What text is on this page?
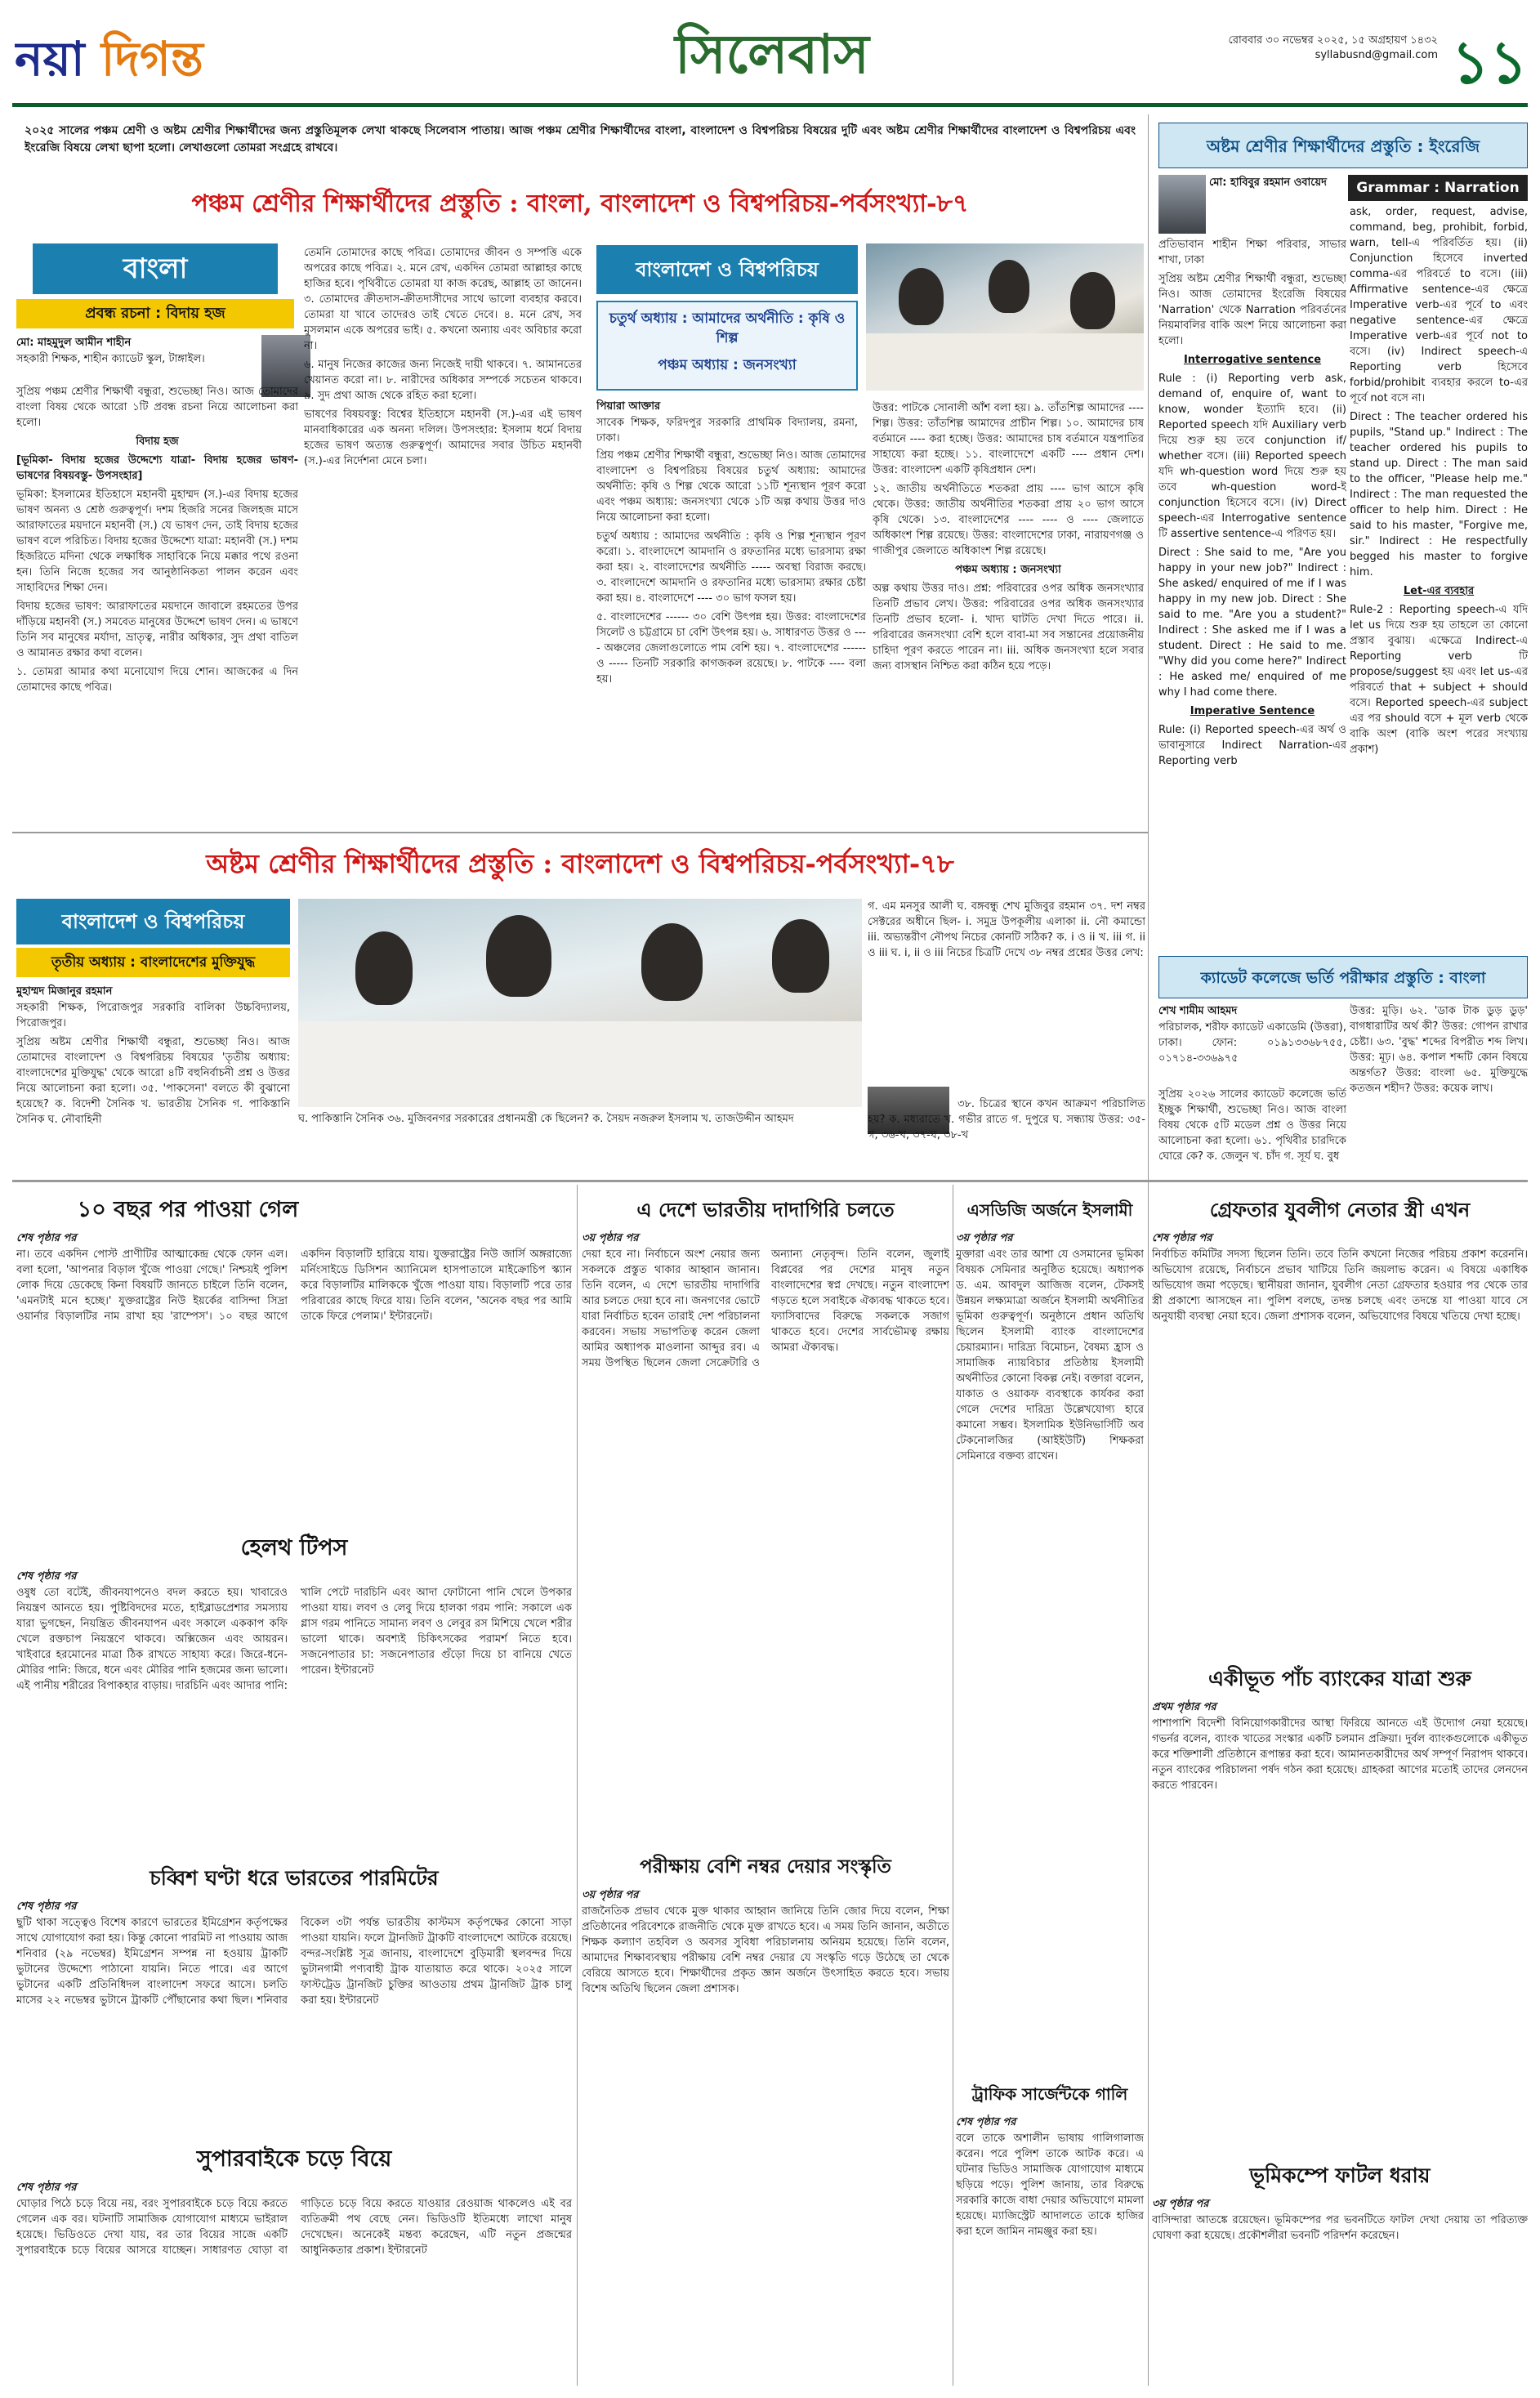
নয়া দিগন্ত	সিলেবাস	রোববার ৩০ নভেম্বর ২০২৫, ১৫ অগ্রহায়ণ ১৪৩২
syllabusnd@gmail.com ১১
২০২৫ সালের পঞ্চম শ্রেণী ও অষ্টম শ্রেণীর শিক্ষার্থীদের জন্য প্রস্তুতিমূলক লেখা থাকছে সিলেবাস পাতায়। আজ পঞ্চম শ্রেণীর শিক্ষার্থীদের বাংলা, বাংলাদেশ ও বিশ্বপরিচয় বিষয়ের দুটি এবং অষ্টম শ্রেণীর শিক্ষার্থীদের বাংলাদেশ ও বিশ্বপরিচয় এবং ইংরেজি বিষয়ে লেখা ছাপা হলো। লেখাগুলো তোমরা সংগ্রহে রাখবে।
পঞ্চম শ্রেণীর শিক্ষার্থীদের প্রস্তুতি : বাংলা, বাংলাদেশ ও বিশ্বপরিচয়-পর্বসংখ্যা-৮৭
বাংলা
প্রবন্ধ রচনা : বিদায় হজ
মো: মাহমুদুল আমীন শাহীন
সহকারী শিক্ষক, শাহীন ক্যাডেট স্কুল, টাঙ্গাইল।

সুপ্রিয় পঞ্চম শ্রেণীর শিক্ষার্থী বন্ধুরা, শুভেচ্ছা নিও। আজ তোমাদের বাংলা বিষয় থেকে আরো ১টি প্রবন্ধ রচনা নিয়ে আলোচনা করা হলো।

বিদায় হজ

[ভূমিকা- বিদায় হজের উদ্দেশ্যে যাত্রা- বিদায় হজের ভাষণ- ভাষণের বিষয়বস্তু- উপসংহার]

ভূমিকা: ইসলামের ইতিহাসে মহানবী মুহাম্মদ (স.)-এর বিদায় হজের ভাষণ অনন্য ও শ্রেষ্ঠ গুরুত্বপূর্ণ। দশম হিজরি সনের জিলহজ মাসে আরাফাতের ময়দানে মহানবী (স.) যে ভাষণ দেন, তাই বিদায় হজের ভাষণ বলে পরিচিত। বিদায় হজের উদ্দেশ্যে যাত্রা: মহানবী (স.) দশম হিজরিতে মদিনা থেকে লক্ষাধিক সাহাবিকে নিয়ে মক্কার পথে রওনা হন। তিনি নিজে হজের সব আনুষ্ঠানিকতা পালন করেন এবং সাহাবিদের শিক্ষা দেন।

বিদায় হজের ভাষণ: আরাফাতের ময়দানে জাবালে রহমতের উপর দাঁড়িয়ে মহানবী (স.) সমবেত মানুষের উদ্দেশে ভাষণ দেন। এ ভাষণে তিনি সব মানুষের মর্যাদা, ভ্রাতৃত্ব, নারীর অধিকার, সুদ প্রথা বাতিল ও আমানত রক্ষার কথা বলেন।

১. তোমরা আমার কথা মনোযোগ দিয়ে শোন। আজকের এ দিন তোমাদের কাছে পবিত্র।

তেমনি তোমাদের কাছে পবিত্র। তোমাদের জীবন ও সম্পত্তি একে অপরের কাছে পবিত্র। ২. মনে রেখ, একদিন তোমরা আল্লাহর কাছে হাজির হবে। পৃথিবীতে তোমরা যা কাজ করেছ, আল্লাহ তা জানেন। ৩. তোমাদের ক্রীতদাস-ক্রীতদাসীদের সাথে ভালো ব্যবহার করবে। তোমরা যা খাবে তাদেরও তাই খেতে দেবে। ৪. মনে রেখ, সব মুসলমান একে অপরের ভাই। ৫. কখনো অন্যায় এবং অবিচার করো না।

৬. মানুষ নিজের কাজের জন্য নিজেই দায়ী থাকবে। ৭. আমানতের খেয়ানত করো না। ৮. নারীদের অধিকার সম্পর্কে সচেতন থাকবে। ৯. সুদ প্রথা আজ থেকে রহিত করা হলো।

ভাষণের বিষয়বস্তু: বিশ্বের ইতিহাসে মহানবী (স.)-এর এই ভাষণ মানবাধিকারের এক অনন্য দলিল। উপসংহার: ইসলাম ধর্মে বিদায় হজের ভাষণ অত্যন্ত গুরুত্বপূর্ণ। আমাদের সবার উচিত মহানবী (স.)-এর নির্দেশনা মেনে চলা।

বাংলাদেশ ও বিশ্বপরিচয়
চতুর্থ অধ্যায় : আমাদের অর্থনীতি : কৃষি ও শিল্প
পঞ্চম অধ্যায় : জনসংখ্যা
পিয়ারা আক্তার
সাবেক শিক্ষক, ফরিদপুর সরকারি প্রাথমিক বিদ্যালয়, রমনা, ঢাকা।

প্রিয় পঞ্চম শ্রেণীর শিক্ষার্থী বন্ধুরা, শুভেচ্ছা নিও। আজ তোমাদের বাংলাদেশ ও বিশ্বপরিচয় বিষয়ের চতুর্থ অধ্যায়: আমাদের অর্থনীতি: কৃষি ও শিল্প থেকে আরো ১১টি শূন্যস্থান পূরণ করো এবং পঞ্চম অধ্যায়: জনসংখ্যা থেকে ১টি অল্প কথায় উত্তর দাও নিয়ে আলোচনা করা হলো।

চতুর্থ অধ্যায় : আমাদের অর্থনীতি : কৃষি ও শিল্প শূন্যস্থান পূরণ করো। ১. বাংলাদেশে আমদানি ও রফতানির মধ্যে ভারসাম্য রক্ষা করা হয়। ২. বাংলাদেশের অর্থনীতি ----- অবস্থা বিরাজ করছে। ৩. বাংলাদেশে আমদানি ও রফতানির মধ্যে ভারসাম্য রক্ষার চেষ্টা করা হয়। ৪. বাংলাদেশে ---- ৩০ ভাগ ফসল হয়।

৫. বাংলাদেশের ------ ৩০ বেশি উৎপন্ন হয়। উত্তর: বাংলাদেশের সিলেট ও চট্টগ্রামে চা বেশি উৎপন্ন হয়। ৬. সাধারণত উত্তর ও ---- অঞ্চলের জেলাগুলোতে পাম বেশি হয়। ৭. বাংলাদেশের ------ ও ----- তিনটি সরকারি কাগজকল রয়েছে। ৮. পাটকে ---- বলা হয়।

উত্তর: পাটকে সোনালী আঁশ বলা হয়। ৯. তাঁতশিল্প আমাদের ---- শিল্প। উত্তর: তাঁতশিল্প আমাদের প্রাচীন শিল্প। ১০. আমাদের চাষ বর্তমানে ---- করা হচ্ছে। উত্তর: আমাদের চাষ বর্তমানে যন্ত্রপাতির সাহায্যে করা হচ্ছে। ১১. বাংলাদেশে একটি ---- প্রধান দেশ। উত্তর: বাংলাদেশ একটি কৃষিপ্রধান দেশ।

১২. জাতীয় অর্থনীতিতে শতকরা প্রায় ---- ভাগ আসে কৃষি থেকে। উত্তর: জাতীয় অর্থনীতির শতকরা প্রায় ২০ ভাগ আসে কৃষি থেকে। ১৩. বাংলাদেশের ---- ---- ও ---- জেলাতে অধিকাংশ শিল্প রয়েছে। উত্তর: বাংলাদেশের ঢাকা, নারায়ণগঞ্জ ও গাজীপুর জেলাতে অধিকাংশ শিল্প রয়েছে।

পঞ্চম অধ্যায় : জনসংখ্যা

অল্প কথায় উত্তর দাও। প্রশ্ন: পরিবারের ওপর অধিক জনসংখ্যার তিনটি প্রভাব লেখ। উত্তর: পরিবারের ওপর অধিক জনসংখ্যার তিনটি প্রভাব হলো- i. খাদ্য ঘাটতি দেখা দিতে পারে। ii. পরিবারের জনসংখ্যা বেশি হলে বাবা-মা সব সন্তানের প্রয়োজনীয় চাহিদা পূরণ করতে পারেন না। iii. অধিক জনসংখ্যা হলে সবার জন্য বাসস্থান নিশ্চিত করা কঠিন হয়ে পড়ে।

অষ্টম শ্রেণীর শিক্ষার্থীদের প্রস্তুতি : ইংরেজি
মো: হাবিবুর রহমান ওবায়েদ
প্রতিভাবান শাহীন শিক্ষা পরিবার, সাভার শাখা, ঢাকা
Grammar : Narration

সুপ্রিয় অষ্টম শ্রেণীর শিক্ষার্থী বন্ধুরা, শুভেচ্ছা নিও। আজ তোমাদের ইংরেজি বিষয়ের 'Narration' থেকে Narration পরিবর্তনের নিয়মাবলির বাকি অংশ নিয়ে আলোচনা করা হলো।

Interrogative sentence

Rule : (i) Reporting verb ask, demand of, enquire of, want to know, wonder ইত্যাদি হবে। (ii) Reported speech যদি Auxiliary verb দিয়ে শুরু হয় তবে conjunction if/ whether বসে। (iii) Reported speech যদি wh-question word দিয়ে শুরু হয় তবে wh-question word-ই conjunction হিসেবে বসে। (iv) Direct speech-এর Interrogative sentence টি assertive sentence-এ পরিণত হয়।

Direct : She said to me, "Are you happy in your new job?" Indirect : She asked/ enquired of me if I was happy in my new job. Direct : She said to me. "Are you a student?" Indirect : She asked me if I was a student. Direct : He said to me. "Why did you come here?" Indirect : He asked me/ enquired of me why I had come there.

Imperative Sentence

Rule: (i) Reported speech-এর অর্থ ও ভাবানুসারে Indirect Narration-এর Reporting verb

ask, order, request, advise, command, beg, prohibit, forbid, warn, tell-এ পরিবর্তিত হয়। (ii) Conjunction হিসেবে inverted comma-এর পরিবর্তে to বসে। (iii) Affirmative sentence-এর ক্ষেত্রে Imperative verb-এর পূর্বে to এবং negative sentence-এর ক্ষেত্রে Imperative verb-এর পূর্বে not to বসে। (iv) Indirect speech-এ Reporting verb হিসেবে forbid/prohibit ব্যবহার করলে to-এর পূর্বে not বসে না।

Direct : The teacher ordered his pupils, "Stand up." Indirect : The teacher ordered his pupils to stand up. Direct : The man said to the officer, "Please help me." Indirect : The man requested the officer to help him. Direct : He said to his master, "Forgive me, sir." Indirect : He respectfully begged his master to forgive him.

Let-এর ব্যবহার

Rule-2 : Reporting speech-এ যদি let us দিয়ে শুরু হয় তাহলে তা কোনো প্রস্তাব বুঝায়। এক্ষেত্রে Indirect-এ Reporting verb টি propose/suggest হয় এবং let us-এর পরিবর্তে that + subject + should বসে। Reported speech-এর subject এর পর should বসে + মূল verb থেকে বাকি অংশ (বাকি অংশ পরের সংখ্যায় প্রকাশ)

অষ্টম শ্রেণীর শিক্ষার্থীদের প্রস্তুতি : বাংলাদেশ ও বিশ্বপরিচয়-পর্বসংখ্যা-৭৮
বাংলাদেশ ও বিশ্বপরিচয়
তৃতীয় অধ্যায় : বাংলাদেশের মুক্তিযুদ্ধ
মুহাম্মদ মিজানুর রহমান
সহকারী শিক্ষক, পিরোজপুর সরকারি বালিকা উচ্চবিদ্যালয়, পিরোজপুর।
সুপ্রিয় অষ্টম শ্রেণীর শিক্ষার্থী বন্ধুরা, শুভেচ্ছা নিও। আজ তোমাদের বাংলাদেশ ও বিশ্বপরিচয় বিষয়ের 'তৃতীয় অধ্যায়: বাংলাদেশের মুক্তিযুদ্ধ' থেকে আরো ৪টি বহুনির্বাচনী প্রশ্ন ও উত্তর নিয়ে আলোচনা করা হলো। ৩৫. 'পাকসেনা' বলতে কী বুঝানো হয়েছে? ক. বিদেশী সৈনিক খ. ভারতীয় সৈনিক গ. পাকিস্তানি সৈনিক ঘ. নৌবাহিনী	ঘ. পাকিস্তানি সৈনিক ৩৬. মুজিবনগর সরকারের প্রধানমন্ত্রী কে ছিলেন? ক. সৈয়দ নজরুল ইসলাম খ. তাজউদ্দীন আহমদ
গ. এম মনসুর আলী ঘ. বঙ্গবন্ধু শেখ মুজিবুর রহমান ৩৭. দশ নম্বর সেক্টরের অধীনে ছিল- i. সমুদ্র উপকূলীয় এলাকা ii. নৌ কমান্ডো iii. অভ্যন্তরীণ নৌপথ নিচের কোনটি সঠিক? ক. i ও ii খ. iii গ. ii ও iii ঘ. i, ii ও iii নিচের চিত্রটি দেখে ৩৮ নম্বর প্রশ্নের উত্তর লেখ:
৩৮. চিত্রের স্থানে কখন আক্রমণ পরিচালিত হয়? ক. মধ্যরাতে খ. গভীর রাতে গ. দুপুরে ঘ. সন্ধ্যায় উত্তর: ৩৫-গ, ৩৬-খ, ৩৭-ঘ, ৩৮-খ
ক্যাডেট কলেজে ভর্তি পরীক্ষার প্রস্তুতি : বাংলা
শেখ শামীম আহমদ
পরিচালক, শরীফ ক্যাডেট একাডেমি (উত্তরা), ঢাকা। ফোন: ০১৯১৩৩৬৮৭৫৫, ০১৭১৪-৩৩৬৯৭৫
সুপ্রিয় ২০২৬ সালের ক্যাডেট কলেজে ভর্তি ইচ্ছুক শিক্ষার্থী, শুভেচ্ছা নিও। আজ বাংলা বিষয় থেকে ৫টি মডেল প্রশ্ন ও উত্তর নিয়ে আলোচনা করা হলো। ৬১. পৃথিবীর চারদিকে ঘোরে কে? ক. জেলুন খ. চাঁদ গ. সূর্য ঘ. বুধ
উত্তর: মুড়ি। ৬২. 'ডাক টাক ডুড় ডুড়' বাগধারাটির অর্থ কী? উত্তর: গোপন রাখার চেষ্টা। ৬৩. 'বুদ্ধ' শব্দের বিপরীত শব্দ লিখ। উত্তর: মূঢ়। ৬৪. কপাল শব্দটি কোন বিষয়ে অন্তর্গত? উত্তর: বাংলা ৬৫. মুক্তিযুদ্ধে কতজন শহীদ? উত্তর: কয়েক লাখ।
১০ বছর পর পাওয়া গেল
শেষ পৃষ্ঠার পর
না। তবে একদিন পোস্ট প্রাণীটির আত্মাকেন্দ্র থেকে ফোন এল। বলা হলো, 'আপনার বিড়াল খুঁজে পাওয়া গেছে।' নিশ্চয়ই পুলিশ লোক দিয়ে ডেকেছে কিনা বিষয়টি জানতে চাইলে তিনি বলেন, 'এমনটাই মনে হচ্ছে।' যুক্তরাষ্ট্রের নিউ ইয়র্কের বাসিন্দা সিদ্রা ওয়ার্নার বিড়ালটির নাম রাখা হয় 'রাম্পেস'। ১০ বছর আগে একদিন বিড়ালটি হারিয়ে যায়। যুক্তরাষ্ট্রের নিউ জার্সি অঙ্গরাজ্যে মর্নিংসাইডে ডিসিশন অ্যানিমেল হাসপাতালে মাইক্রোচিপ স্ক্যান করে বিড়ালটির মালিককে খুঁজে পাওয়া যায়। বিড়ালটি পরে তার পরিবারের কাছে ফিরে যায়। তিনি বলেন, 'অনেক বছর পর আমি তাকে ফিরে পেলাম।' ইন্টারনেট।
হেলথ টিপস
শেষ পৃষ্ঠার পর
ওষুধ তো বটেই, জীবনযাপনেও বদল করতে হয়। খাবারেও নিয়ন্ত্রণ আনতে হয়। পুষ্টিবিদদের মতে, হাইব্লাডপ্রেশার সমস্যায় যারা ভুগছেন, নিয়ন্ত্রিত জীবনযাপন এবং সকালে এককাপ কফি খেলে রক্তচাপ নিয়ন্ত্রণে থাকবে। অক্সিজেন এবং আয়রন। খাইবারে হরমোনের মাত্রা ঠিক রাখতে সাহায্য করে। জিরে-ধনে-মৌরির পানি: জিরে, ধনে এবং মৌরির পানি হজমের জন্য ভালো। এই পানীয় শরীরের বিপাকহার বাড়ায়। দারচিনি এবং আদার পানি: খালি পেটে দারচিনি এবং আদা ফোটানো পানি খেলে উপকার পাওয়া যায়। লবণ ও লেবু দিয়ে হালকা গরম পানি: সকালে এক গ্লাস গরম পানিতে সামান্য লবণ ও লেবুর রস মিশিয়ে খেলে শরীর ভালো থাকে। অবশ্যই চিকিৎসকের পরামর্শ নিতে হবে। সজনেপাতার চা: সজনেপাতার গুঁড়ো দিয়ে চা বানিয়ে খেতে পারেন। ইন্টারনেট
চব্বিশ ঘণ্টা ধরে ভারতের পারমিটের
শেষ পৃষ্ঠার পর
ছুটি থাকা সত্ত্বেও বিশেষ কারণে ভারতের ইমিগ্রেশন কর্তৃপক্ষের সাথে যোগাযোগ করা হয়। কিন্তু কোনো পারমিট না পাওয়ায় আজ শনিবার (২৯ নভেম্বর) ইমিগ্রেশন সম্পন্ন না হওয়ায় ট্রাকটি ভুটানের উদ্দেশ্যে পাঠানো যায়নি। নিতে পারে। এর আগে ভুটানের একটি প্রতিনিধিদল বাংলাদেশ সফরে আসে। চলতি মাসের ২২ নভেম্বর ভুটানে ট্রাকটি পৌঁছানোর কথা ছিল। শনিবার বিকেল ৩টা পর্যন্ত ভারতীয় কাস্টমস কর্তৃপক্ষের কোনো সাড়া পাওয়া যায়নি। ফলে ট্রানজিট ট্রাকটি বাংলাদেশে আটকে রয়েছে। বন্দর-সংশ্লিষ্ট সূত্র জানায়, বাংলাদেশে বুড়িমারী স্থলবন্দর দিয়ে ভুটানগামী পণ্যবাহী ট্রাক যাতায়াত করে থাকে। ২০২৫ সালে ফাস্টট্রেড ট্রানজিট চুক্তির আওতায় প্রথম ট্রানজিট ট্রাক চালু করা হয়। ইন্টারনেট
সুপারবাইকে চড়ে বিয়ে
শেষ পৃষ্ঠার পর
ঘোড়ার পিঠে চড়ে বিয়ে নয়, বরং সুপারবাইকে চড়ে বিয়ে করতে গেলেন এক বর। ঘটনাটি সামাজিক যোগাযোগ মাধ্যমে ভাইরাল হয়েছে। ভিডিওতে দেখা যায়, বর তার বিয়ের সাজে একটি সুপারবাইকে চড়ে বিয়ের আসরে যাচ্ছেন। সাধারণত ঘোড়া বা গাড়িতে চড়ে বিয়ে করতে যাওয়ার রেওয়াজ থাকলেও এই বর ব্যতিক্রমী পথ বেছে নেন। ভিডিওটি ইতিমধ্যে লাখো মানুষ দেখেছেন। অনেকেই মন্তব্য করেছেন, এটি নতুন প্রজন্মের আধুনিকতার প্রকাশ। ইন্টারনেট
এ দেশে ভারতীয় দাদাগিরি চলতে
৩য় পৃষ্ঠার পর
দেয়া হবে না। নির্বাচনে অংশ নেয়ার জন্য সকলকে প্রস্তুত থাকার আহ্বান জানান। তিনি বলেন, এ দেশে ভারতীয় দাদাগিরি আর চলতে দেয়া হবে না। জনগণের ভোটে যারা নির্বাচিত হবেন তারাই দেশ পরিচালনা করবেন। সভায় সভাপতিত্ব করেন জেলা আমির অধ্যাপক মাওলানা আব্দুর রব। এ সময় উপস্থিত ছিলেন জেলা সেক্রেটারি ও অন্যান্য নেতৃবৃন্দ। তিনি বলেন, জুলাই বিপ্লবের পর দেশের মানুষ নতুন বাংলাদেশের স্বপ্ন দেখছে। নতুন বাংলাদেশ গড়তে হলে সবাইকে ঐক্যবদ্ধ থাকতে হবে। ফ্যাসিবাদের বিরুদ্ধে সকলকে সজাগ থাকতে হবে। দেশের সার্বভৌমত্ব রক্ষায় আমরা ঐক্যবদ্ধ।
পরীক্ষায় বেশি নম্বর দেয়ার সংস্কৃতি
৩য় পৃষ্ঠার পর
রাজনৈতিক প্রভাব থেকে মুক্ত থাকার আহ্বান জানিয়ে তিনি জোর দিয়ে বলেন, শিক্ষা প্রতিষ্ঠানের পরিবেশকে রাজনীতি থেকে মুক্ত রাখতে হবে। এ সময় তিনি জানান, অতীতে শিক্ষক কল্যাণ তহবিল ও অবসর সুবিধা পরিচালনায় অনিয়ম হয়েছে। তিনি বলেন, আমাদের শিক্ষাব্যবস্থায় পরীক্ষায় বেশি নম্বর দেয়ার যে সংস্কৃতি গড়ে উঠেছে তা থেকে বেরিয়ে আসতে হবে। শিক্ষার্থীদের প্রকৃত জ্ঞান অর্জনে উৎসাহিত করতে হবে। সভায় বিশেষ অতিথি ছিলেন জেলা প্রশাসক।
এসডিজি অর্জনে ইসলামী
৩য় পৃষ্ঠার পর
মুক্তারা এবং তার আশা যে ওসমানের ভূমিকা বিষয়ক সেমিনার অনুষ্ঠিত হয়েছে। অধ্যাপক ড. এম. আবদুল আজিজ বলেন, টেকসই উন্নয়ন লক্ষ্যমাত্রা অর্জনে ইসলামী অর্থনীতির ভূমিকা গুরুত্বপূর্ণ। অনুষ্ঠানে প্রধান অতিথি ছিলেন ইসলামী ব্যাংক বাংলাদেশের চেয়ারম্যান। দারিদ্র্য বিমোচন, বৈষম্য হ্রাস ও সামাজিক ন্যায়বিচার প্রতিষ্ঠায় ইসলামী অর্থনীতির কোনো বিকল্প নেই। বক্তারা বলেন, যাকাত ও ওয়াকফ ব্যবস্থাকে কার্যকর করা গেলে দেশের দারিদ্র্য উল্লেখযোগ্য হারে কমানো সম্ভব। ইসলামিক ইউনিভার্সিটি অব টেকনোলজির (আইইউটি) শিক্ষকরা সেমিনারে বক্তব্য রাখেন।
ট্রাফিক সার্জেন্টকে গালি
শেষ পৃষ্ঠার পর
বলে তাকে অশালীন ভাষায় গালিগালাজ করেন। পরে পুলিশ তাকে আটক করে। এ ঘটনার ভিডিও সামাজিক যোগাযোগ মাধ্যমে ছড়িয়ে পড়ে। পুলিশ জানায়, তার বিরুদ্ধে সরকারি কাজে বাধা দেয়ার অভিযোগে মামলা হয়েছে। ম্যাজিস্ট্রেট আদালতে তাকে হাজির করা হলে জামিন নামঞ্জুর করা হয়।
গ্রেফতার যুবলীগ নেতার স্ত্রী এখন
শেষ পৃষ্ঠার পর
নির্বাচিত কমিটির সদস্য ছিলেন তিনি। তবে তিনি কখনো নিজের পরিচয় প্রকাশ করেননি। অভিযোগ রয়েছে, নির্বাচনে প্রভাব খাটিয়ে তিনি জয়লাভ করেন। এ বিষয়ে একাধিক অভিযোগ জমা পড়েছে। স্থানীয়রা জানান, যুবলীগ নেতা গ্রেফতার হওয়ার পর থেকে তার স্ত্রী প্রকাশ্যে আসছেন না। পুলিশ বলছে, তদন্ত চলছে এবং তদন্তে যা পাওয়া যাবে সে অনুযায়ী ব্যবস্থা নেয়া হবে। জেলা প্রশাসক বলেন, অভিযোগের বিষয়ে খতিয়ে দেখা হচ্ছে।
একীভূত পাঁচ ব্যাংকের যাত্রা শুরু
প্রথম পৃষ্ঠার পর
পাশাপাশি বিদেশী বিনিয়োগকারীদের আস্থা ফিরিয়ে আনতে এই উদ্যোগ নেয়া হয়েছে। গভর্নর বলেন, ব্যাংক খাতের সংস্কার একটি চলমান প্রক্রিয়া। দুর্বল ব্যাংকগুলোকে একীভূত করে শক্তিশালী প্রতিষ্ঠানে রূপান্তর করা হবে। আমানতকারীদের অর্থ সম্পূর্ণ নিরাপদ থাকবে। নতুন ব্যাংকের পরিচালনা পর্ষদ গঠন করা হয়েছে। গ্রাহকরা আগের মতোই তাদের লেনদেন করতে পারবেন।
ভূমিকম্পে ফাটল ধরায়
৩য় পৃষ্ঠার পর
বাসিন্দারা আতঙ্কে রয়েছেন। ভূমিকম্পের পর ভবনটিতে ফাটল দেখা দেয়ায় তা পরিত্যক্ত ঘোষণা করা হয়েছে। প্রকৌশলীরা ভবনটি পরিদর্শন করেছেন।
